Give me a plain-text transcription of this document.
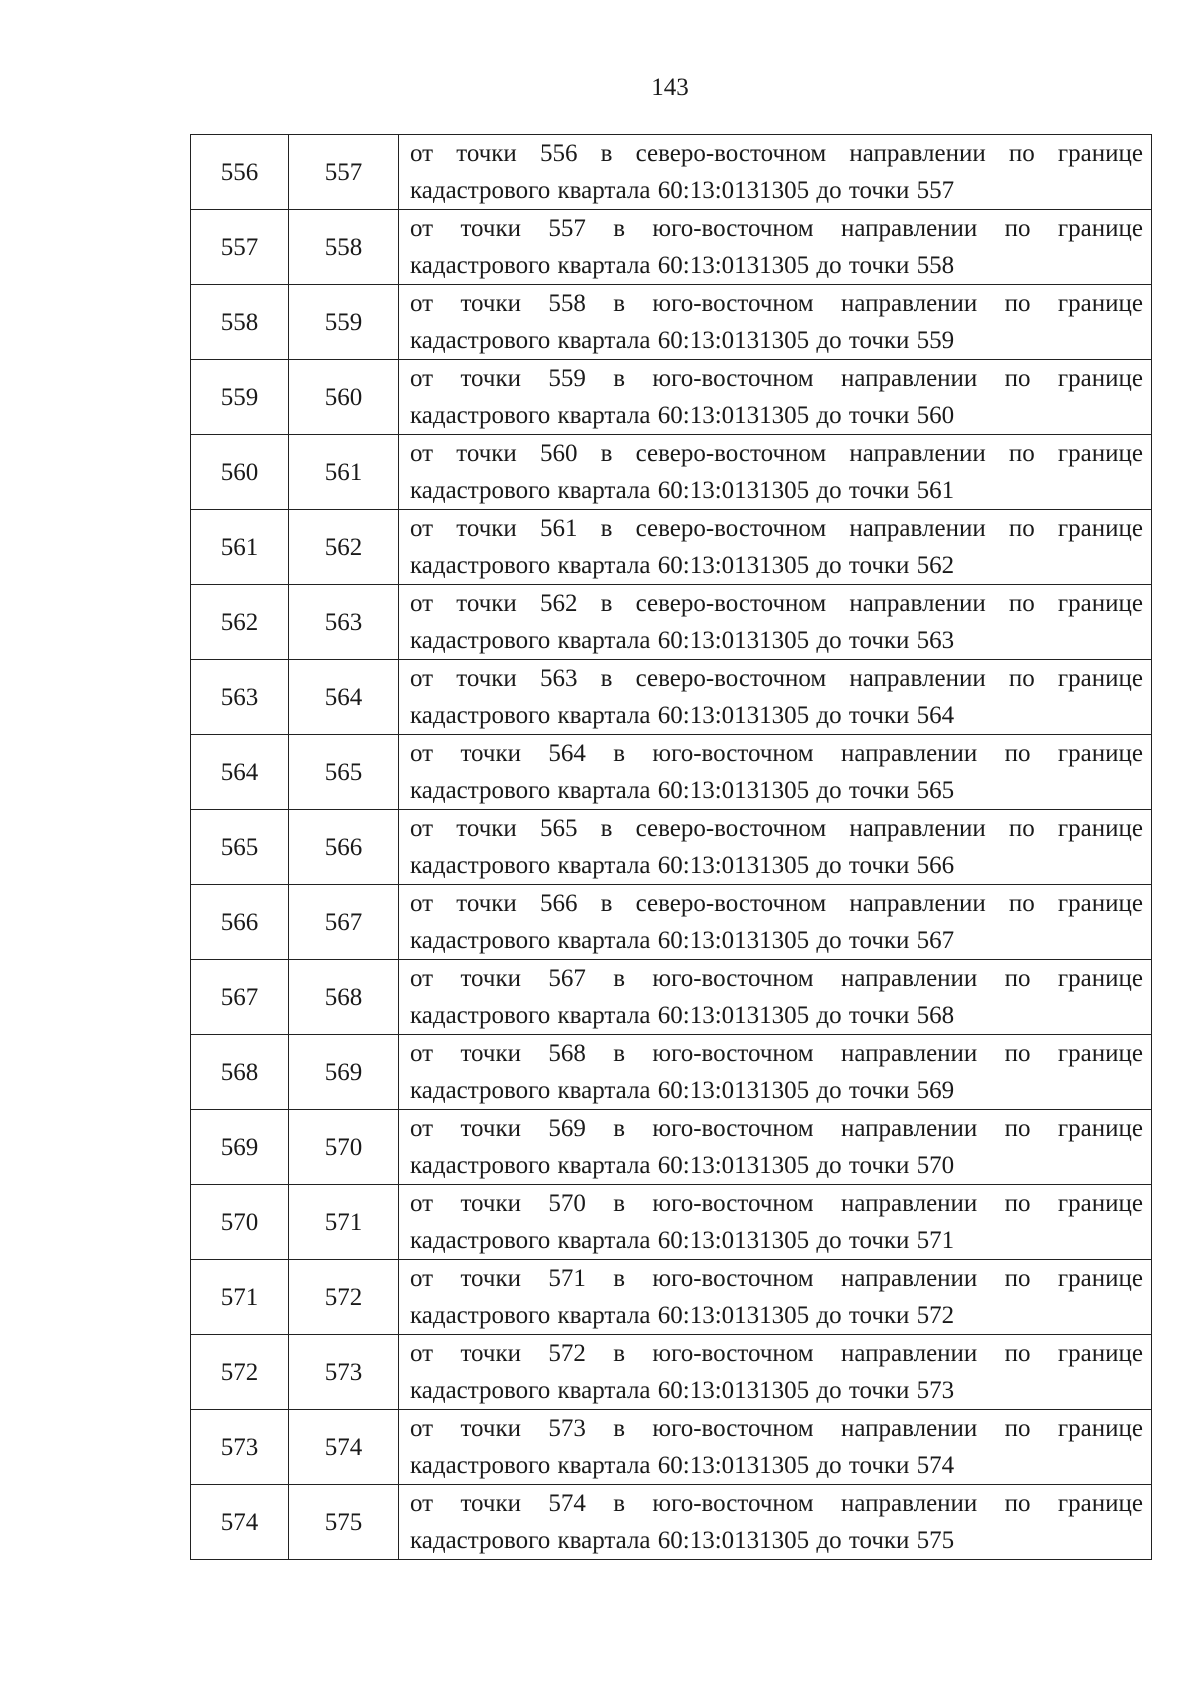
143
556	557	от точки 556 в северо-восточном направлении по границе
кадастрового квартала 60:13:0131305 до точки 557

557	558	от точки 557 в юго-восточном направлении по границе
кадастрового квартала 60:13:0131305 до точки 558

558	559	от точки 558 в юго-восточном направлении по границе
кадастрового квартала 60:13:0131305 до точки 559

559	560	от точки 559 в юго-восточном направлении по границе
кадастрового квартала 60:13:0131305 до точки 560

560	561	от точки 560 в северо-восточном направлении по границе
кадастрового квартала 60:13:0131305 до точки 561

561	562	от точки 561 в северо-восточном направлении по границе
кадастрового квартала 60:13:0131305 до точки 562

562	563	от точки 562 в северо-восточном направлении по границе
кадастрового квартала 60:13:0131305 до точки 563

563	564	от точки 563 в северо-восточном направлении по границе
кадастрового квартала 60:13:0131305 до точки 564

564	565	от точки 564 в юго-восточном направлении по границе
кадастрового квартала 60:13:0131305 до точки 565

565	566	от точки 565 в северо-восточном направлении по границе
кадастрового квартала 60:13:0131305 до точки 566

566	567	от точки 566 в северо-восточном направлении по границе
кадастрового квартала 60:13:0131305 до точки 567

567	568	от точки 567 в юго-восточном направлении по границе
кадастрового квартала 60:13:0131305 до точки 568

568	569	от точки 568 в юго-восточном направлении по границе
кадастрового квартала 60:13:0131305 до точки 569

569	570	от точки 569 в юго-восточном направлении по границе
кадастрового квартала 60:13:0131305 до точки 570

570	571	от точки 570 в юго-восточном направлении по границе
кадастрового квартала 60:13:0131305 до точки 571

571	572	от точки 571 в юго-восточном направлении по границе
кадастрового квартала 60:13:0131305 до точки 572

572	573	от точки 572 в юго-восточном направлении по границе
кадастрового квартала 60:13:0131305 до точки 573

573	574	от точки 573 в юго-восточном направлении по границе
кадастрового квартала 60:13:0131305 до точки 574

574	575	от точки 574 в юго-восточном направлении по границе
кадастрового квартала 60:13:0131305 до точки 575
